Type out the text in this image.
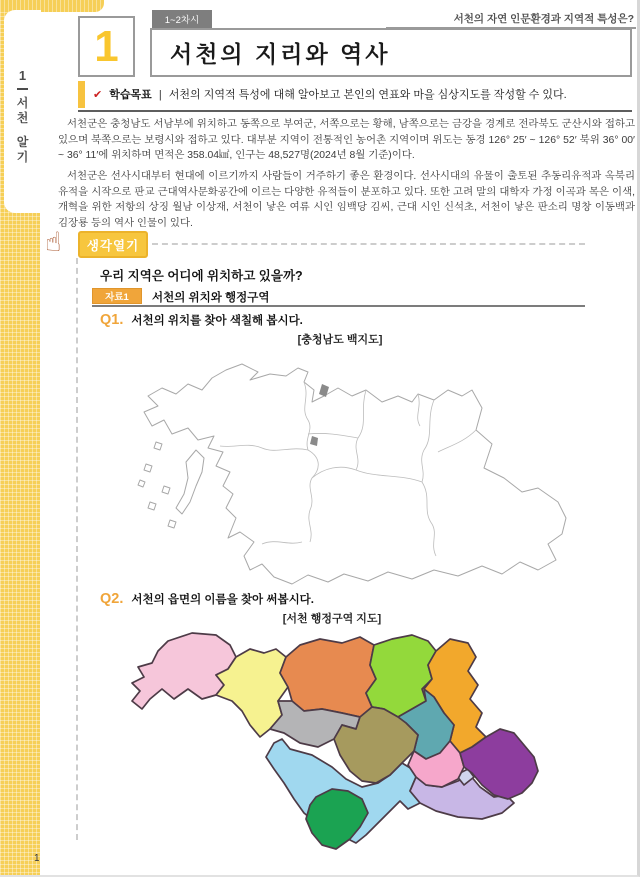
1
서천
알기
1
1~2차시
서천의 지리와 역사
서천의 자연 인문환경과 지역적 특성은?
✔ 학습목표 | 서천의 지역적 특성에 대해 알아보고 본인의 연표와 마을 심상지도를 작성할 수 있다.

서천군은 충청남도 서남부에 위치하고 동쪽으로 부여군, 서쪽으로는 황해, 남쪽으로는 금강을 경계로 전라북도 군산시와 접하고 있으며 북쪽으로는 보령시와 접하고 있다. 대부분 지역이 전통적인 농어촌 지역이며 위도는 동경 126° 25′ ~ 126° 52′ 북위 36° 00′ ~ 36° 11′에 위치하며 면적은 358.04㎢, 인구는 48,527명(2024년 8월 기준)이다.

서천군은 선사시대부터 현대에 이르기까지 사람들이 거주하기 좋은 환경이다. 선사시대의 유물이 출토된 추동리유적과 옥북리유적을 시작으로 판교 근대역사문화공간에 이르는 다양한 유적들이 분포하고 있다. 또한 고려 말의 대학자 가정 이곡과 목은 이색, 개혁을 위한 저항의 상징 월남 이상재, 서천이 낳은 여류 시인 임백당 김씨, 근대 시인 신석초, 서천이 낳은 판소리 명창 이동백과 김장룡 등의 역사 인물이 있다.

☝	생각열기
우리 지역은 어디에 위치하고 있을까?
자료1	서천의 위치와 행정구역
Q1. 서천의 위치를 찾아 색칠해 봅시다.
[충청남도 백지도]
Q2. 서천의 읍면의 이름을 찾아 써봅시다.
[서천 행정구역 지도]
1
